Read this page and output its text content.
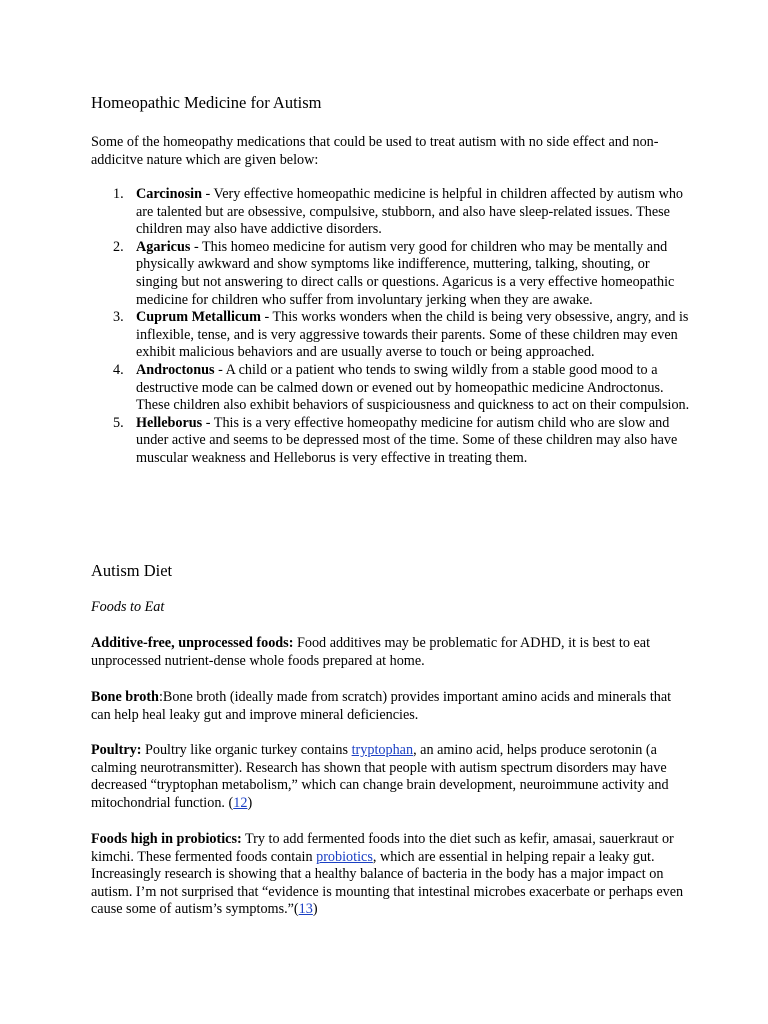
Homeopathic Medicine for Autism

Some of the homeopathy medications that could be used to treat autism with no side effect and non-addicitve nature which are given below:

1. Carcinosin - Very effective homeopathic medicine is helpful in children affected by autism who are talented but are obsessive, compulsive, stubborn, and also have sleep-related issues. These children may also have addictive disorders.
2. Agaricus - This homeo medicine for autism very good for children who may be mentally and physically awkward and show symptoms like indifference, muttering, talking, shouting, or singing but not answering to direct calls or questions. Agaricus is a very effective homeopathic medicine for children who suffer from involuntary jerking when they are awake.
3. Cuprum Metallicum - This works wonders when the child is being very obsessive, angry, and is inflexible, tense, and is very aggressive towards their parents. Some of these children may even exhibit malicious behaviors and are usually averse to touch or being approached.
4. Androctonus - A child or a patient who tends to swing wildly from a stable good mood to a destructive mode can be calmed down or evened out by homeopathic medicine Androctonus. These children also exhibit behaviors of suspiciousness and quickness to act on their compulsion.
5. Helleborus - This is a very effective homeopathy medicine for autism child who are slow and under active and seems to be depressed most of the time. Some of these children may also have muscular weakness and Helleborus is very effective in treating them.
Autism Diet

Foods to Eat

Additive-free, unprocessed foods: Food additives may be problematic for ADHD, it is best to eat unprocessed nutrient-dense whole foods prepared at home.

Bone broth:Bone broth (ideally made from scratch) provides important amino acids and minerals that can help heal leaky gut and improve mineral deficiencies.

Poultry: Poultry like organic turkey contains tryptophan, an amino acid, helps produce serotonin (a calming neurotransmitter). Research has shown that people with autism spectrum disorders may have decreased “tryptophan metabolism,” which can change brain development, neuroimmune activity and mitochondrial function. (12)

Foods high in probiotics: Try to add fermented foods into the diet such as kefir, amasai, sauerkraut or kimchi. These fermented foods contain probiotics, which are essential in helping repair a leaky gut. Increasingly research is showing that a healthy balance of bacteria in the body has a major impact on autism. I’m not surprised that “evidence is mounting that intestinal microbes exacerbate or perhaps even cause some of autism’s symptoms.”(13)
